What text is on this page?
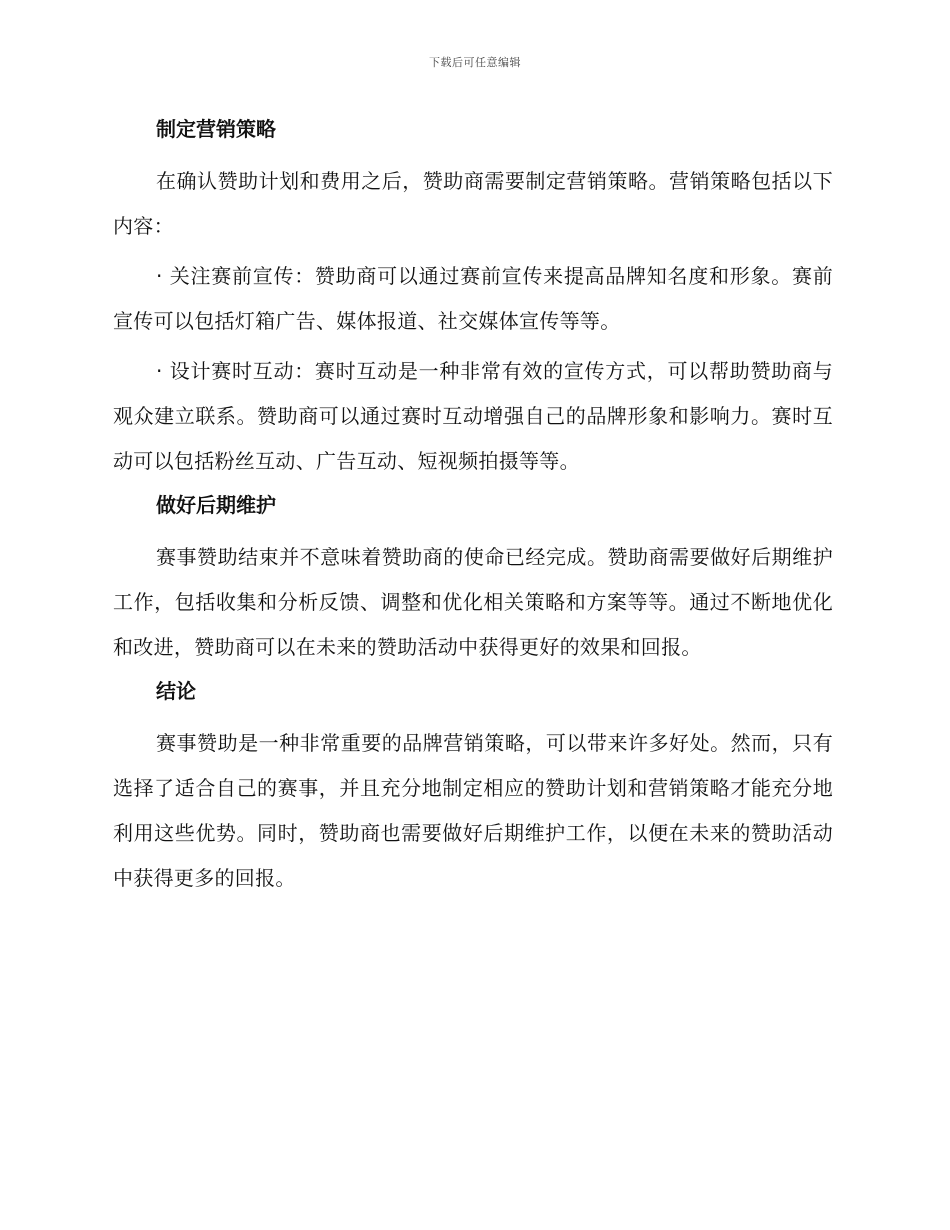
下载后可任意编辑
制定营销策略

在确认赞助计划和费用之后，赞助商需要制定营销策略。营销策略包括以下内容：

· 关注赛前宣传：赞助商可以通过赛前宣传来提高品牌知名度和形象。赛前宣传可以包括灯箱广告、媒体报道、社交媒体宣传等等。

· 设计赛时互动：赛时互动是一种非常有效的宣传方式，可以帮助赞助商与观众建立联系。赞助商可以通过赛时互动增强自己的品牌形象和影响力。赛时互动可以包括粉丝互动、广告互动、短视频拍摄等等。

做好后期维护

赛事赞助结束并不意味着赞助商的使命已经完成。赞助商需要做好后期维护工作，包括收集和分析反馈、调整和优化相关策略和方案等等。通过不断地优化和改进，赞助商可以在未来的赞助活动中获得更好的效果和回报。

结论

赛事赞助是一种非常重要的品牌营销策略，可以带来许多好处。然而，只有选择了适合自己的赛事，并且充分地制定相应的赞助计划和营销策略才能充分地利用这些优势。同时，赞助商也需要做好后期维护工作，以便在未来的赞助活动中获得更多的回报。
